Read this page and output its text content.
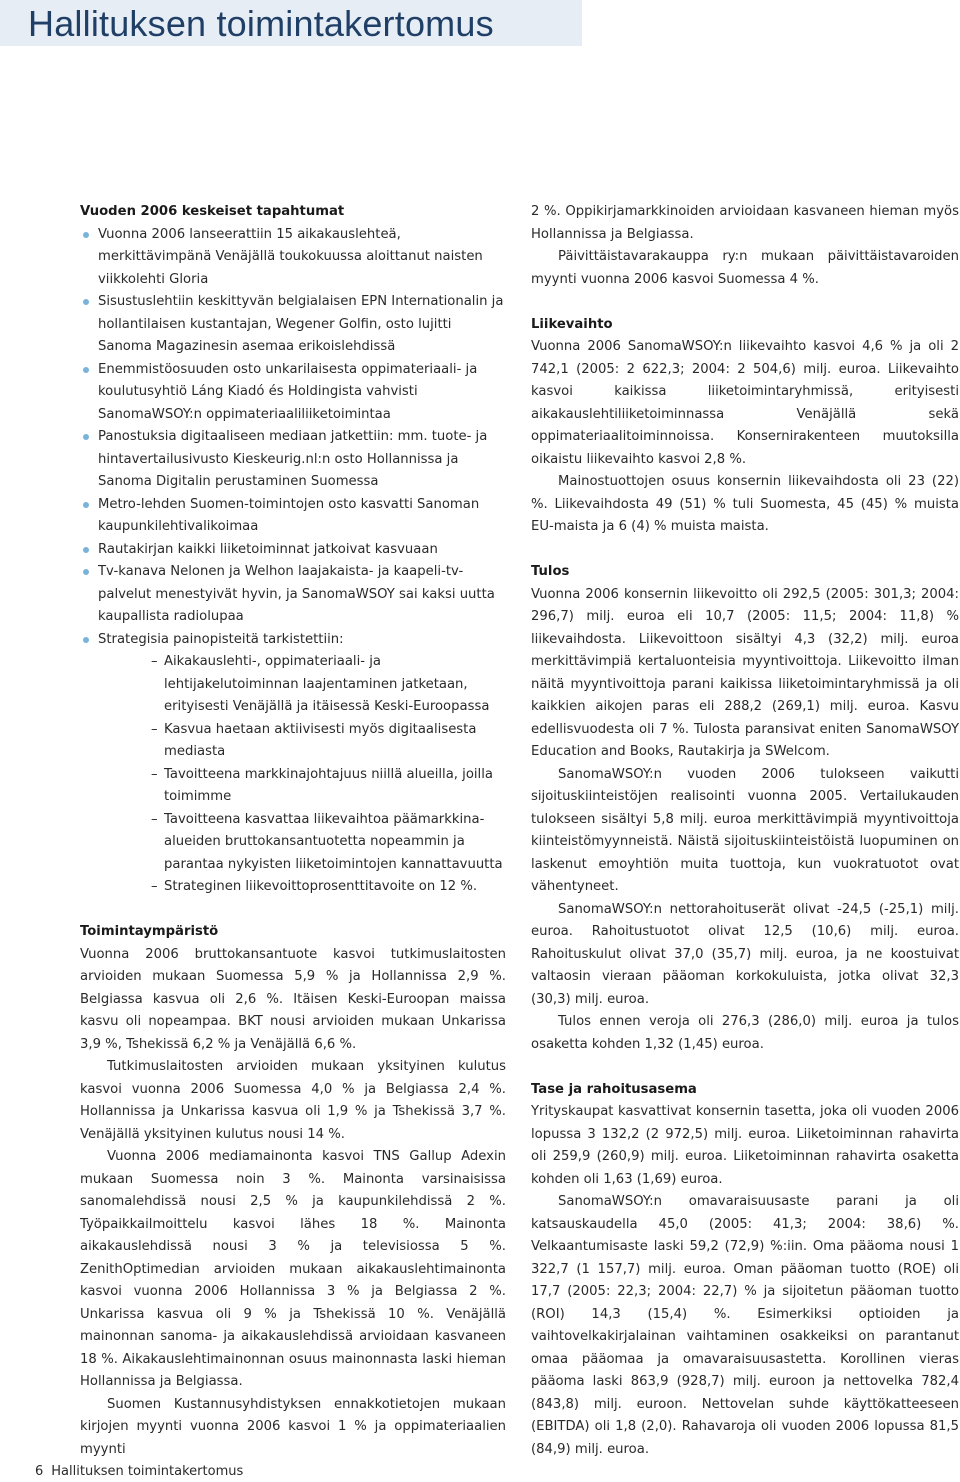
Hallituksen toimintakertomus
Vuoden 2006 keskeiset tapahtumat
Vuonna 2006 lanseerattiin 15 aikakauslehteä, merkittävimpänä Venäjällä toukokuussa aloittanut naisten viikkolehti Gloria
Sisustuslehtiin keskittyvän belgialaisen EPN Internationalin ja hollantilaisen kustantajan, Wegener Golfin, osto lujitti Sanoma Magazinesin asemaa erikoislehdissä
Enemmistöosuuden osto unkarilaisesta oppimateriaali- ja koulutusyhtiö Láng Kiadó és Holdingista vahvisti SanomaWSOY:n oppimateriaaliliiketoimintaa
Panostuksia digitaaliseen mediaan jatkettiin: mm. tuote- ja hintavertailusivusto Kieskeurig.nl:n osto Hollannissa ja Sanoma Digitalin perustaminen Suomessa
Metro-lehden Suomen-toimintojen osto kasvatti Sanoman kaupunkilehtivalikoimaa
Rautakirjan kaikki liiketoiminnat jatkoivat kasvuaan
Tv-kanava Nelonen ja Welhon laajakaista- ja kaapeli-tv-palvelut menestyivät hyvin, ja SanomaWSOY sai kaksi uutta kaupallista radiolupaa
Strategisia painopisteitä tarkistettiin:
– Aikakauslehti-, oppimateriaali- ja lehtijakelutoiminnan laajentaminen jatketaan, erityisesti Venäjällä ja itäisessä Keski-Euroopassa
– Kasvua haetaan aktiivisesti myös digitaalisesta mediasta
– Tavoitteena markkinajohtajuus niillä alueilla, joilla toimimme
– Tavoitteena kasvattaa liikevaihtoa päämarkkina-alueiden bruttokansantuotetta nopeammin ja parantaa nykyisten liiketoimintojen kannattavuutta
– Strateginen liikevoittoprosenttitavoite on 12 %.
Toimintaympäristö

Vuonna 2006 bruttokansantuote kasvoi tutkimuslaitosten arvioiden mukaan Suomessa 5,9 % ja Hollannissa 2,9 %. Belgiassa kasvua oli 2,6 %. Itäisen Keski-Euroopan maissa kasvu oli nopeampaa. BKT nousi arvioiden mukaan Unkarissa 3,9 %, Tshekissä 6,2 % ja Venäjällä 6,6 %.

Tutkimuslaitosten arvioiden mukaan yksityinen kulutus kasvoi vuonna 2006 Suomessa 4,0 % ja Belgiassa 2,4 %. Hollannissa ja Unkarissa kasvua oli 1,9 % ja Tshekissä 3,7 %. Venäjällä yksityinen kulutus nousi 14 %.

Vuonna 2006 mediamainonta kasvoi TNS Gallup Adexin mukaan Suomessa noin 3 %. Mainonta varsinaisissa sanomalehdissä nousi 2,5 % ja kaupunkilehdissä 2 %. Työpaikkailmoittelu kasvoi lähes 18 %. Mainonta aikakauslehdissä nousi 3 % ja televisiossa 5 %. ZenithOptimedian arvioiden mukaan aikakauslehtimainonta kasvoi vuonna 2006 Hollannissa 3 % ja Belgiassa 2 %. Unkarissa kasvua oli 9 % ja Tshekissä 10 %. Venäjällä mainonnan sanoma- ja aikakauslehdissä arvioidaan kasvaneen 18 %. Aikakauslehtimainonnan osuus mainonnasta laski hieman Hollannissa ja Belgiassa.

Suomen Kustannusyhdistyksen ennakkotietojen mukaan kirjojen myynti vuonna 2006 kasvoi 1 % ja oppimateriaalien myynti

2 %. Oppikirjamarkkinoiden arvioidaan kasvaneen hieman myös Hollannissa ja Belgiassa.

Päivittäistavarakauppa ry:n mukaan päivittäistavaroiden myynti vuonna 2006 kasvoi Suomessa 4 %.

Liikevaihto

Vuonna 2006 SanomaWSOY:n liikevaihto kasvoi 4,6 % ja oli 2 742,1 (2005: 2 622,3; 2004: 2 504,6) milj. euroa. Liikevaihto kasvoi kaikissa liiketoimintaryhmissä, erityisesti aikakauslehtiliiketoiminnassa Venäjällä sekä oppimateriaalitoiminnoissa. Konsernirakenteen muutoksilla oikaistu liikevaihto kasvoi 2,8 %.

Mainostuottojen osuus konsernin liikevaihdosta oli 23 (22) %. Liikevaihdosta 49 (51) % tuli Suomesta, 45 (45) % muista EU-maista ja 6 (4) % muista maista.

Tulos

Vuonna 2006 konsernin liikevoitto oli 292,5 (2005: 301,3; 2004: 296,7) milj. euroa eli 10,7 (2005: 11,5; 2004: 11,8) % liikevaihdosta. Liikevoittoon sisältyi 4,3 (32,2) milj. euroa merkittävimpiä kertaluonteisia myyntivoittoja. Liikevoitto ilman näitä myyntivoittoja parani kaikissa liiketoimintaryhmissä ja oli kaikkien aikojen paras eli 288,2 (269,1) milj. euroa. Kasvu edellisvuodesta oli 7 %. Tulosta paransivat eniten SanomaWSOY Education and Books, Rautakirja ja SWelcom.

SanomaWSOY:n vuoden 2006 tulokseen vaikutti sijoituskiinteistöjen realisointi vuonna 2005. Vertailukauden tulokseen sisältyi 5,8 milj. euroa merkittävimpiä myyntivoittoja kiinteistömyynneistä. Näistä sijoituskiinteistöistä luopuminen on laskenut emoyhtiön muita tuottoja, kun vuokratuotot ovat vähentyneet.

SanomaWSOY:n nettorahoituserät olivat -24,5 (-25,1) milj. euroa. Rahoitustuotot olivat 12,5 (10,6) milj. euroa. Rahoituskulut olivat 37,0 (35,7) milj. euroa, ja ne koostuivat valtaosin vieraan pääoman korkokuluista, jotka olivat 32,3 (30,3) milj. euroa.

Tulos ennen veroja oli 276,3 (286,0) milj. euroa ja tulos osaketta kohden 1,32 (1,45) euroa.

Tase ja rahoitusasema

Yrityskaupat kasvattivat konsernin tasetta, joka oli vuoden 2006 lopussa 3 132,2 (2 972,5) milj. euroa. Liiketoiminnan rahavirta oli 259,9 (260,9) milj. euroa. Liiketoiminnan rahavirta osaketta kohden oli 1,63 (1,69) euroa.

SanomaWSOY:n omavaraisuusaste parani ja oli katsauskaudella 45,0 (2005: 41,3; 2004: 38,6) %. Velkaantumisaste laski 59,2 (72,9) %:iin. Oma pääoma nousi 1 322,7 (1 157,7) milj. euroa. Oman pääoman tuotto (ROE) oli 17,7 (2005: 22,3; 2004: 22,7) % ja sijoitetun pääoman tuotto (ROI) 14,3 (15,4) %. Esimerkiksi optioiden ja vaihtovelkakirjalainan vaihtaminen osakkeiksi on parantanut omaa pääomaa ja omavaraisuusastetta. Korollinen vieras pääoma laski 863,9 (928,7) milj. euroon ja nettovelka 782,4 (843,8) milj. euroon. Nettovelan suhde käyttökatteeseen (EBITDA) oli 1,8 (2,0). Rahavaroja oli vuoden 2006 lopussa 81,5 (84,9) milj. euroa.

6 Hallituksen toimintakertomus
